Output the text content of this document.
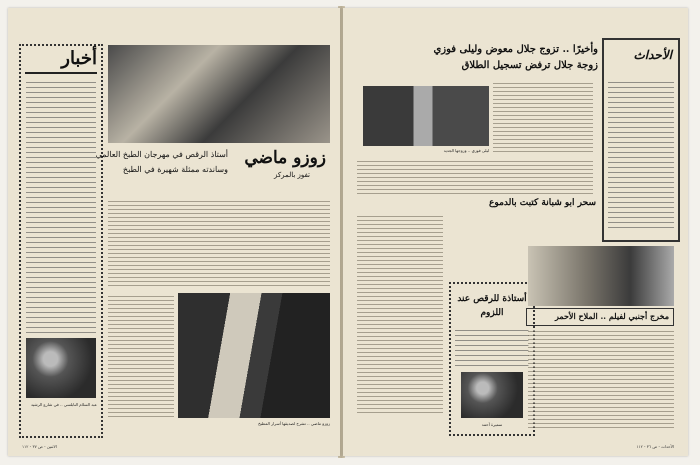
أخبار
عبد السلام النابلسي .. في شارع الرشيد
زوزو ماضي
أستاذ الرقص في مهرجان الطبخ العالمي
وساندته ممثلة شهيرة في الطبخ
تفوز بالمركز
زوزو ماضي .. تشرح لصديقها أسرار المطبخ
الاثنين - ص ٣٧ - ١١٢
الأحداث
وأخيرًا .. تزوج جلال معوض وليلى فوزي
زوجة جلال ترفض تسجيل الطلاق
ليلى فوزي .. وزوجها الجديد
سحر ابو شبانة كتبت بالدموع
أستاذة للرقص عند اللزوم
سميرة أحمد
مخرج أجنبي لفيلم .. الملاح الأحمر
الأحداث - ص ٣٦ - ١١٢
